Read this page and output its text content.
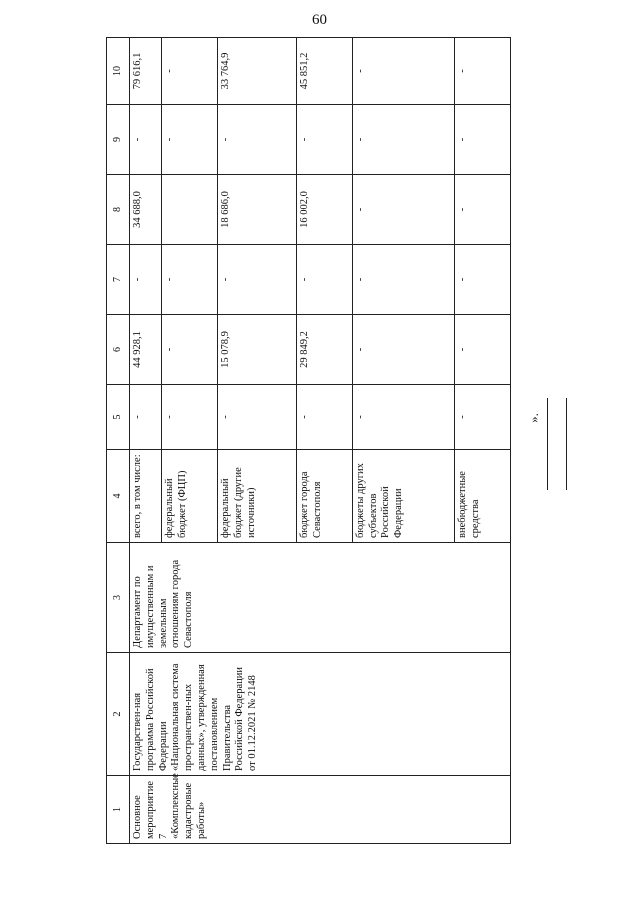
60
1	2	3	4	5	6	7	8	9	10

Основное мероприятие 7 «Комплексные кадастровые работы»	Государствен-ная программа Российской Федерации «Национальная система пространствен-ных данных», утвержденная постановлением Правительства Российской Федерации от 01.12.2021 № 2148	Департамент по имущественным и земельным отношениям города Севастополя	всего, в том числе:	-	44 928,1	-	34 688,0	-	79 616,1
			федеральный бюджет (ФЦП)	-	-	-		-	-
			федеральный бюджет (другие источники)	-	15 078,9	-	18 686,0	-	33 764,9
			бюджет города Севастополя	-	29 849,2	-	16 002,0	-	45 851,2
			бюджеты других субъектов Российской Федерации	-	-	-	-	-	-
			внебюджетные средства	-	-	-	-	-	-
».
